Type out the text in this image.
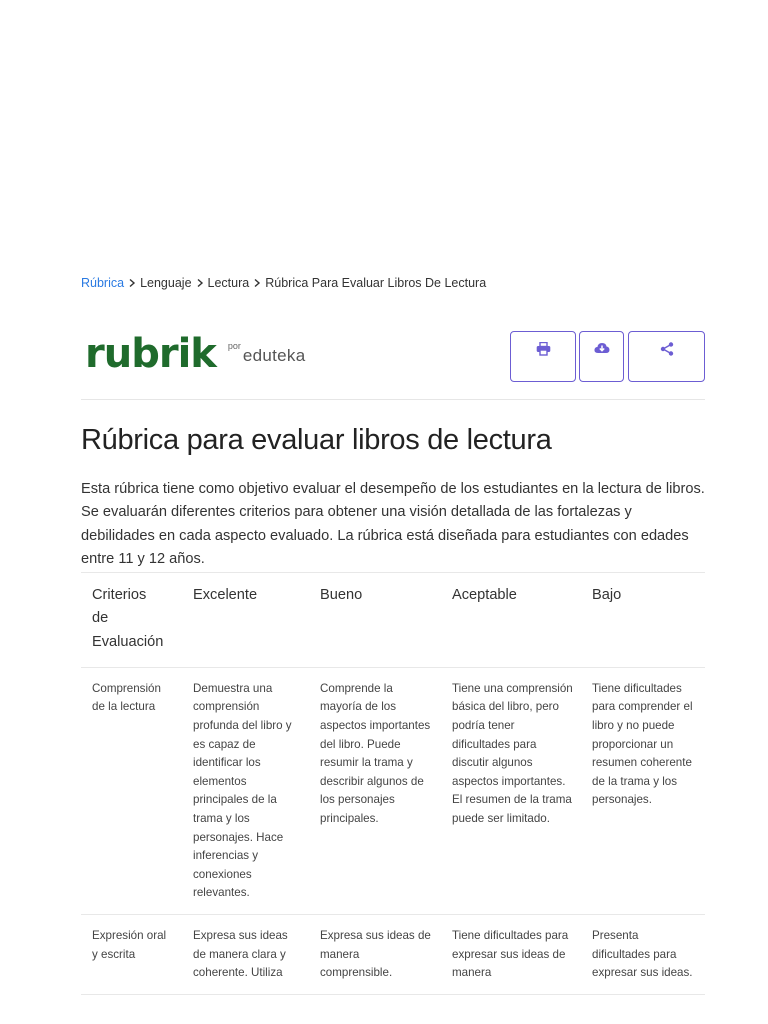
Rúbrica Lenguaje Lectura Rúbrica Para Evaluar Libros De Lectura
rubrik por eduteka
Rúbrica para evaluar libros de lectura

Esta rúbrica tiene como objetivo evaluar el desempeño de los estudiantes en la lectura de libros. Se evaluarán diferentes criterios para obtener una visión detallada de las fortalezas y debilidades en cada aspecto evaluado. La rúbrica está diseñada para estudiantes con edades entre 11 y 12 años.

Criterios de Evaluación	Excelente	Bueno	Aceptable	Bajo
Comprensión de la lectura	Demuestra una comprensión profunda del libro y es capaz de identificar los elementos principales de la trama y los personajes. Hace inferencias y conexiones relevantes.	Comprende la mayoría de los aspectos importantes del libro. Puede resumir la trama y describir algunos de los personajes principales.	Tiene una comprensión básica del libro, pero podría tener dificultades para discutir algunos aspectos importantes. El resumen de la trama puede ser limitado.	Tiene dificultades para comprender el libro y no puede proporcionar un resumen coherente de la trama y los personajes.
Expresión oral y escrita	Expresa sus ideas de manera clara y coherente. Utiliza	Expresa sus ideas de manera comprensible.	Tiene dificultades para expresar sus ideas de manera	Presenta dificultades para expresar sus ideas.
